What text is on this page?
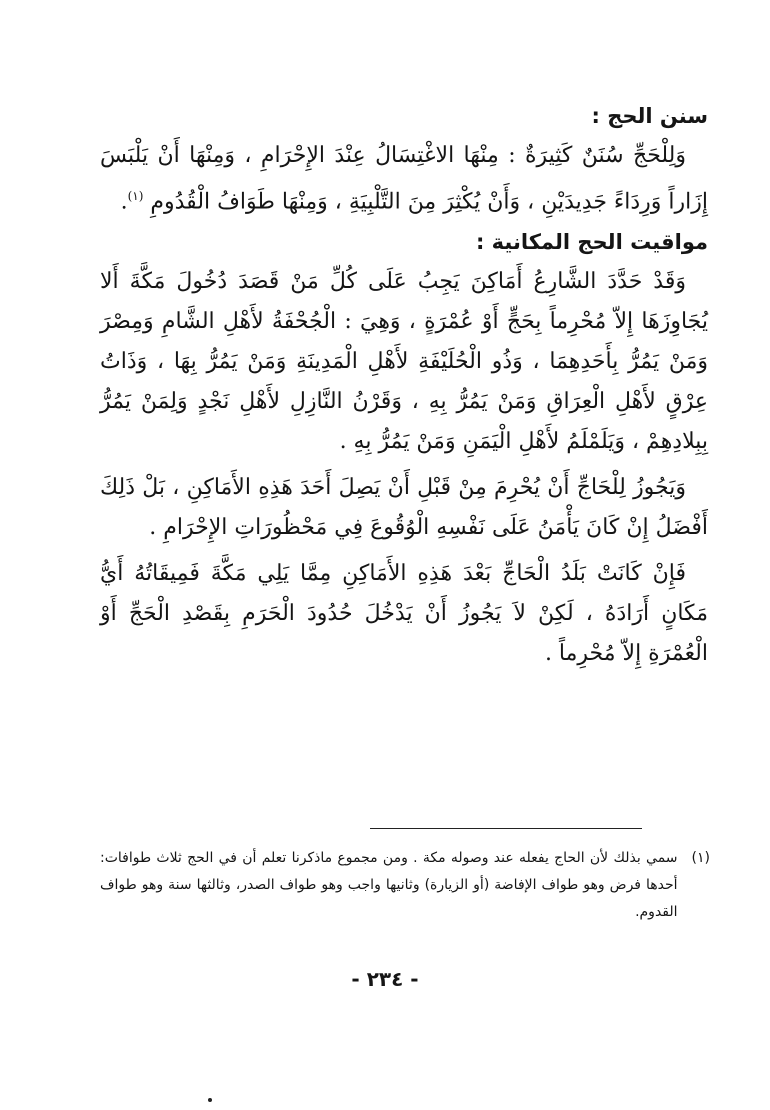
سنن الحج :

وَلِلْحَجِّ سُنَنٌ كَثِيرَةٌ : مِنْهَا الاغْتِسَالُ عِنْدَ الإِحْرَامِ ، وَمِنْهَا أَنْ يَلْبَسَ إِزَاراً وَرِدَاءً جَدِيدَيْنِ ، وَأَنْ يُكْثِرَ مِنَ التَّلْبِيَةِ ، وَمِنْهَا طَوَافُ الْقُدُومِ $^{(١)}$.

مواقيت الحج المكانية :

وَقَدْ حَدَّدَ الشَّارِعُ أَمَاكِنَ يَجِبُ عَلَى كُلِّ مَنْ قَصَدَ دُخُولَ مَكَّةَ أَلا يُجَاوِزَهَا إِلاّ مُحْرِماً بِحَجٍّ أَوْ عُمْرَةٍ ، وَهِيَ : الْجُحْفَةُ لأَهْلِ الشَّامِ وَمِصْرَ وَمَنْ يَمُرُّ بِأَحَدِهِمَا ، وَذُو الْحُلَيْفَةِ لأَهْلِ الْمَدِينَةِ وَمَنْ يَمُرُّ بِهَا ، وَذَاتُ عِرْقٍ لأَهْلِ الْعِرَاقِ وَمَنْ يَمُرُّ بِهِ ، وَقَرْنُ النَّازِلِ لأَهْلِ نَجْدٍ وَلِمَنْ يَمُرُّ بِبِلادِهِمْ ، وَيَلَمْلَمُ لأَهْلِ الْيَمَنِ وَمَنْ يَمُرُّ بِهِ .

وَيَجُوزُ لِلْحَاجِّ أَنْ يُحْرِمَ مِنْ قَبْلِ أَنْ يَصِلَ أَحَدَ هَذِهِ الأَمَاكِنِ ، بَلْ ذَلِكَ أَفْضَلُ إِنْ كَانَ يَأْمَنُ عَلَى نَفْسِهِ الْوُقُوعَ فِي مَحْظُورَاتِ الإِحْرَامِ .

فَإِنْ كَانَتْ بَلَدُ الْحَاجِّ بَعْدَ هَذِهِ الأَمَاكِنِ مِمَّا يَلِي مَكَّةَ فَمِيقَاتُهُ أَيُّ مَكَانٍ أَرَادَهُ ، لَكِنْ لاَ يَجُوزُ أَنْ يَدْخُلَ حُدُودَ الْحَرَمِ بِقَصْدِ الْحَجِّ أَوْ الْعُمْرَةِ إِلاّ مُحْرِماً .

(١)
سمي بذلك لأن الحاج يفعله عند وصوله مكة . ومن مجموع ماذكرنا تعلم أن في الحج ثلاث طوافات: أحدها فرض وهو طواف الإفاضة (أو الزيارة) وثانيها واجب وهو طواف الصدر، وثالثها سنة وهو طواف القدوم.
- ٢٣٤ -
